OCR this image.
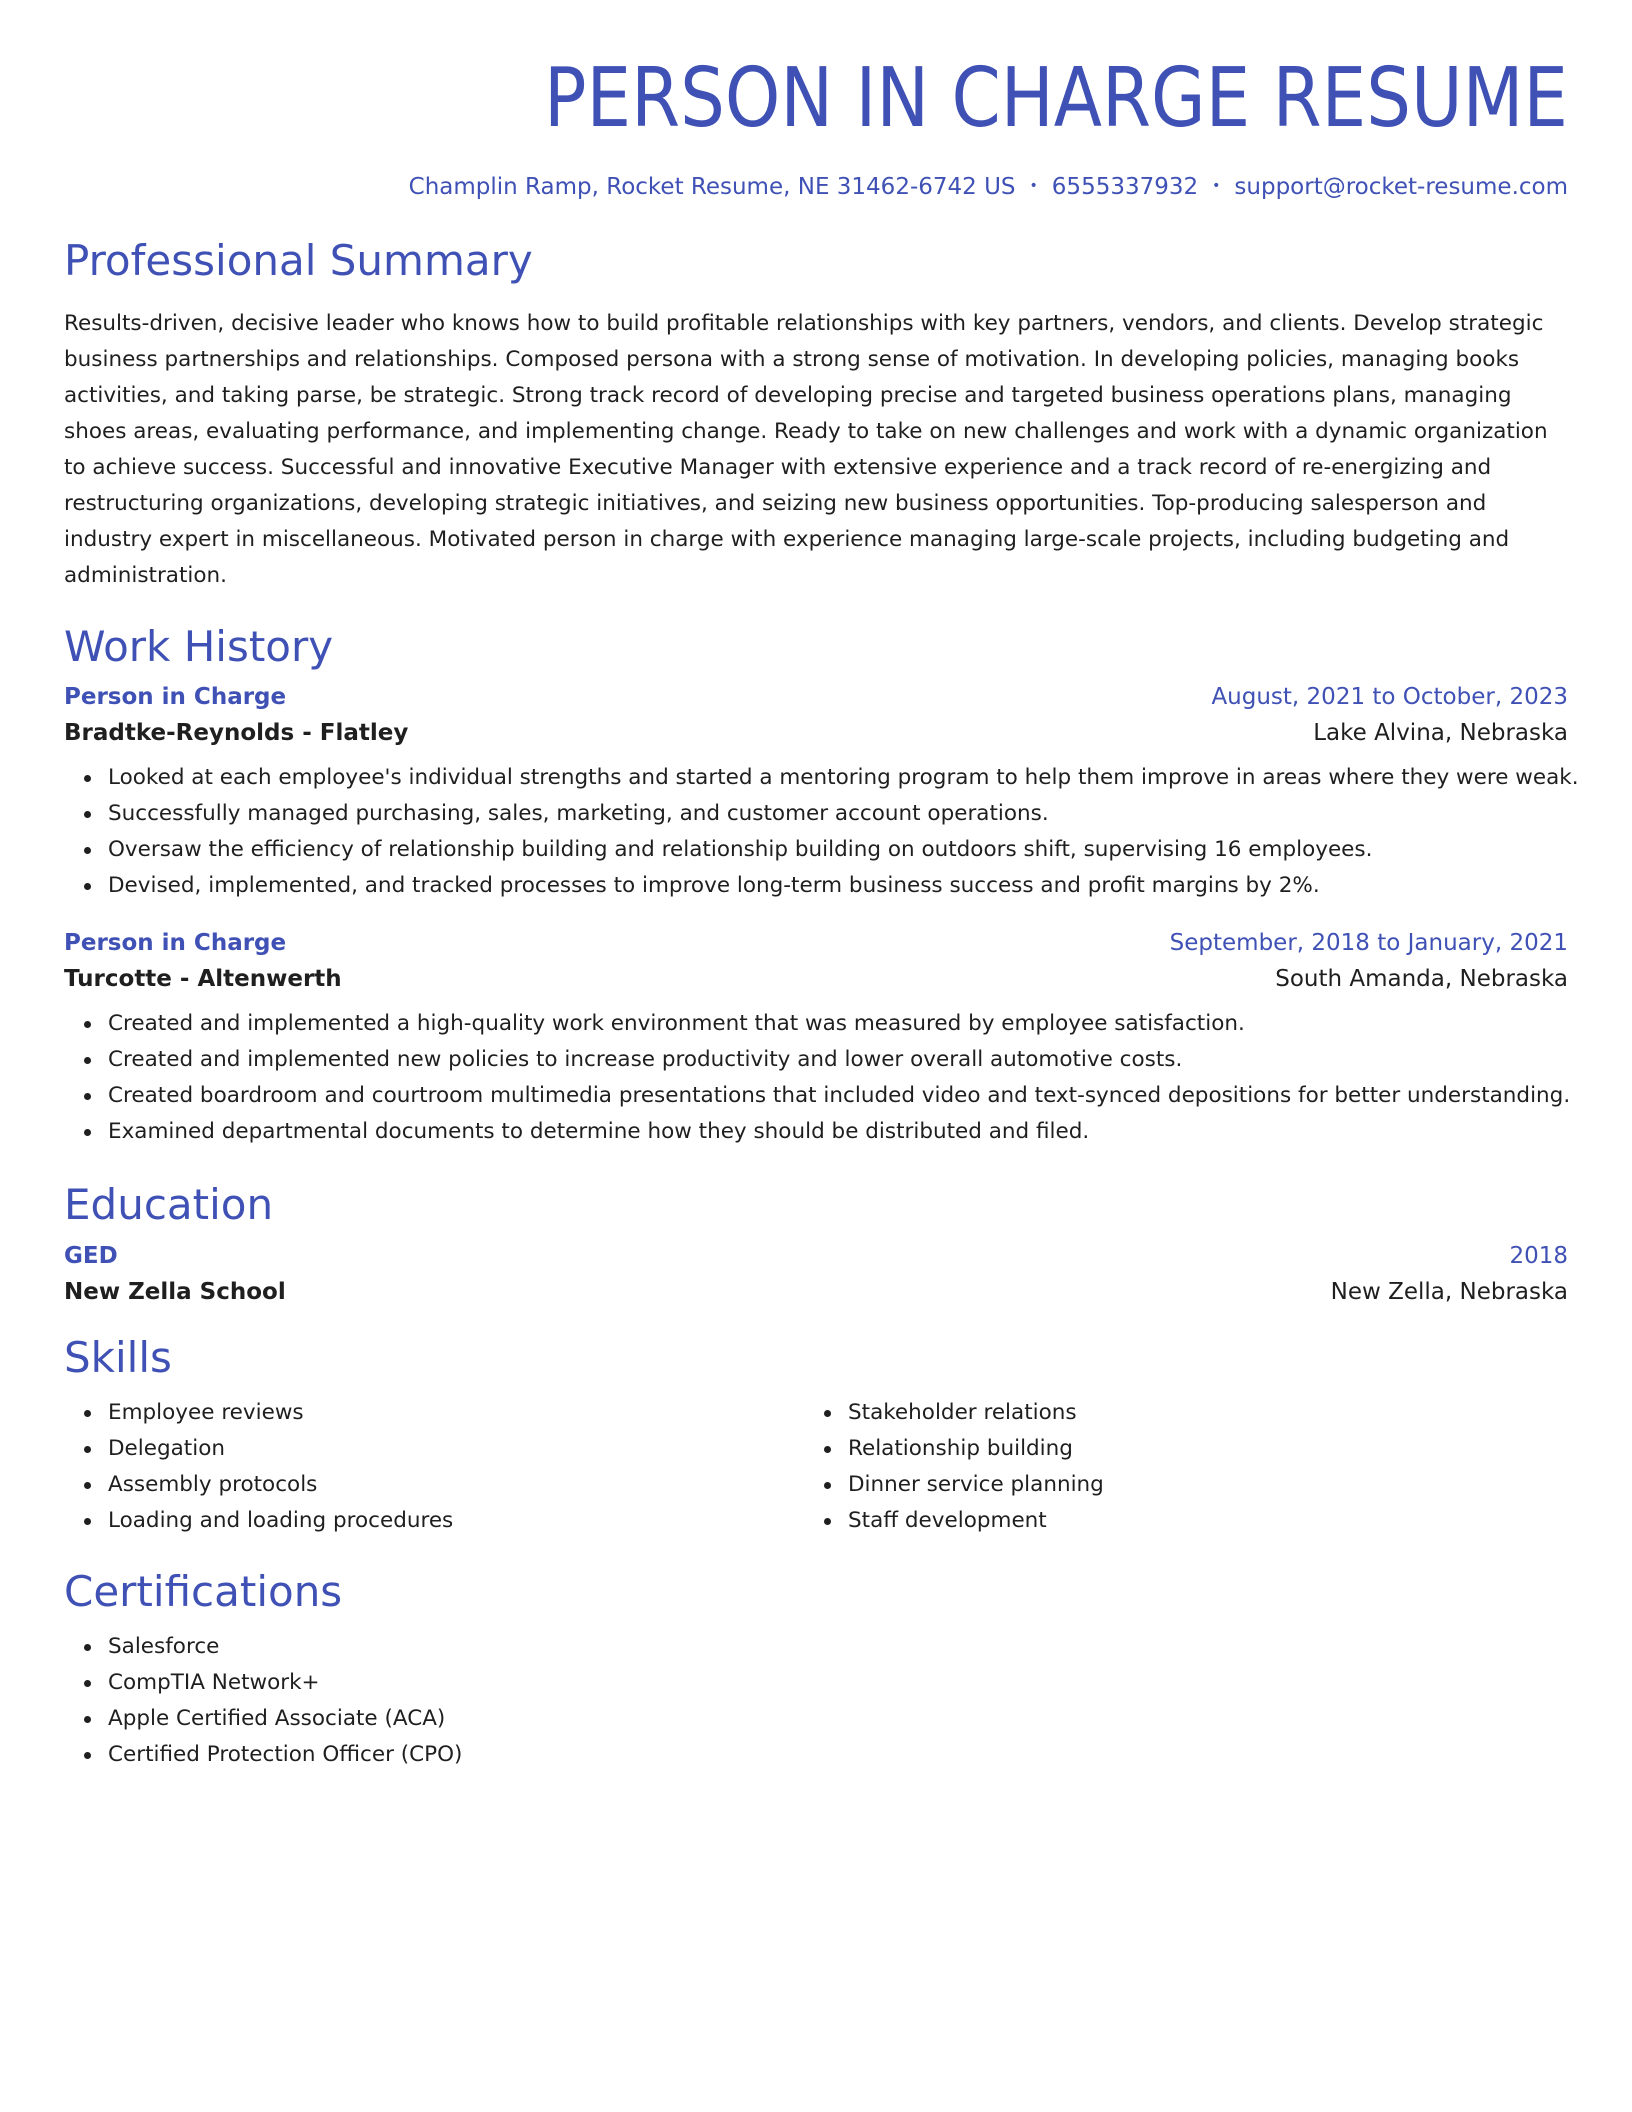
PERSON IN CHARGE RESUME
Champlin Ramp, Rocket Resume, NE 31462-6742 US • 6555337932 • support@rocket-resume.com
Professional Summary

Results-driven, decisive leader who knows how to build profitable relationships with key partners, vendors, and clients. Develop strategic business partnerships and relationships. Composed persona with a strong sense of motivation. In developing policies, managing books activities, and taking parse, be strategic. Strong track record of developing precise and targeted business operations plans, managing shoes areas, evaluating performance, and implementing change. Ready to take on new challenges and work with a dynamic organization to achieve success. Successful and innovative Executive Manager with extensive experience and a track record of re-energizing and restructuring organizations, developing strategic initiatives, and seizing new business opportunities. Top-producing salesperson and industry expert in miscellaneous. Motivated person in charge with experience managing large-scale projects, including budgeting and administration.

Work History
Person in Charge	August, 2021 to October, 2023
Bradtke-Reynolds - Flatley	Lake Alvina, Nebraska
Looked at each employee's individual strengths and started a mentoring program to help them improve in areas where they were weak.
Successfully managed purchasing, sales, marketing, and customer account operations.
Oversaw the efficiency of relationship building and relationship building on outdoors shift, supervising 16 employees.
Devised, implemented, and tracked processes to improve long-term business success and profit margins by 2%.
Person in Charge	September, 2018 to January, 2021
Turcotte - Altenwerth	South Amanda, Nebraska
Created and implemented a high-quality work environment that was measured by employee satisfaction.
Created and implemented new policies to increase productivity and lower overall automotive costs.
Created boardroom and courtroom multimedia presentations that included video and text-synced depositions for better understanding.
Examined departmental documents to determine how they should be distributed and filed.
Education
GED	2018
New Zella School	New Zella, Nebraska
Skills
Employee reviews
Delegation
Assembly protocols
Loading and loading procedures
Stakeholder relations
Relationship building
Dinner service planning
Staff development
Certifications
Salesforce
CompTIA Network+
Apple Certified Associate (ACA)
Certified Protection Officer (CPO)
